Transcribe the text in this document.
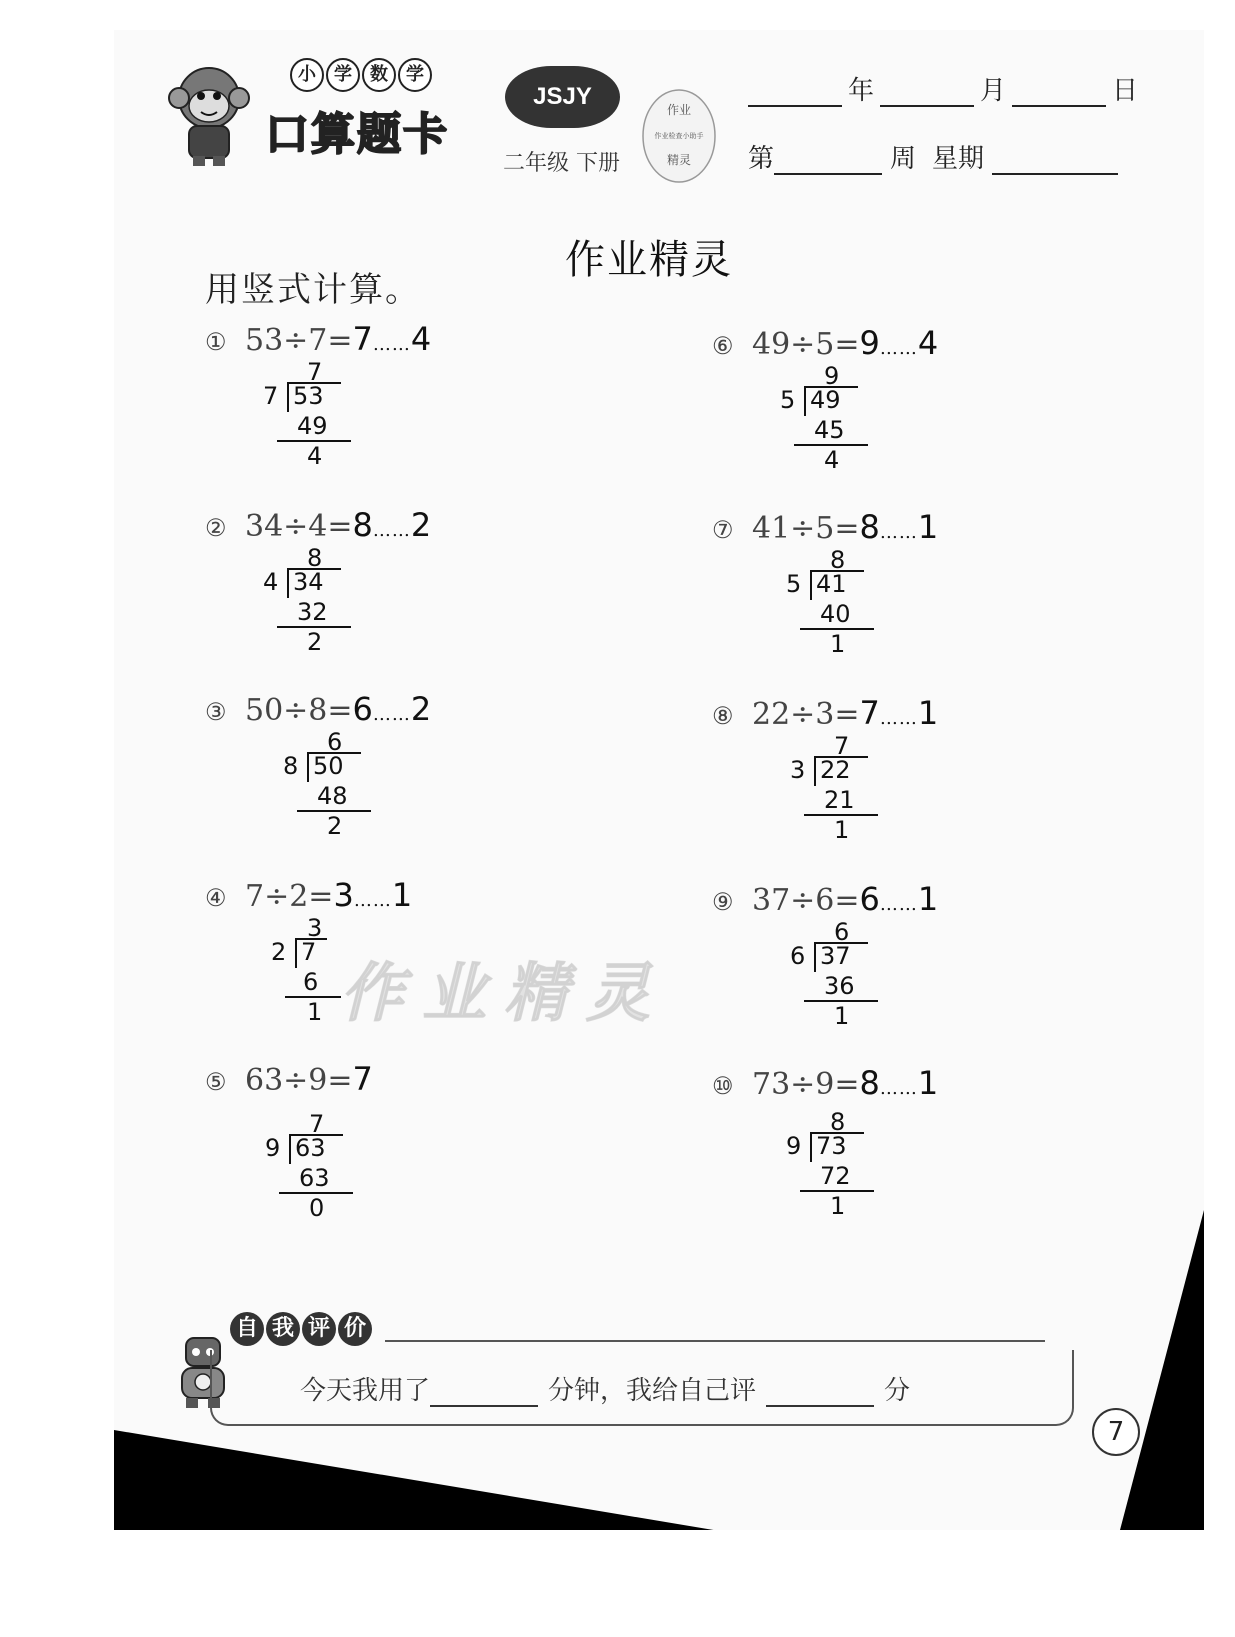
小	学	数	学
口算题卡
JSJY
二年级 下册
作业
作业检查小助手
精灵
年	月	日
第	周 星期
作业精灵
用竖式计算。
① 53÷7=7……4
7
7 53
49
4
② 34÷4=8……2
8
4 34
32
2
③ 50÷8=6……2
6
8 50
48
2
④ 7÷2=3……1
3
2 7
6
1
⑤ 63÷9=7
7
9 63
63
0
⑥ 49÷5=9……4
9
5 49
45
4
⑦ 41÷5=8……1
8
5 41
40
1
⑧ 22÷3=7……1
7
3 22
21
1
⑨ 37÷6=6……1
6
6 37
36
1
⑩ 73÷9=8……1
8
9 73
72
1
作业精灵
自 我 评 价
今天我用了	分钟，我给自己评	分
7
